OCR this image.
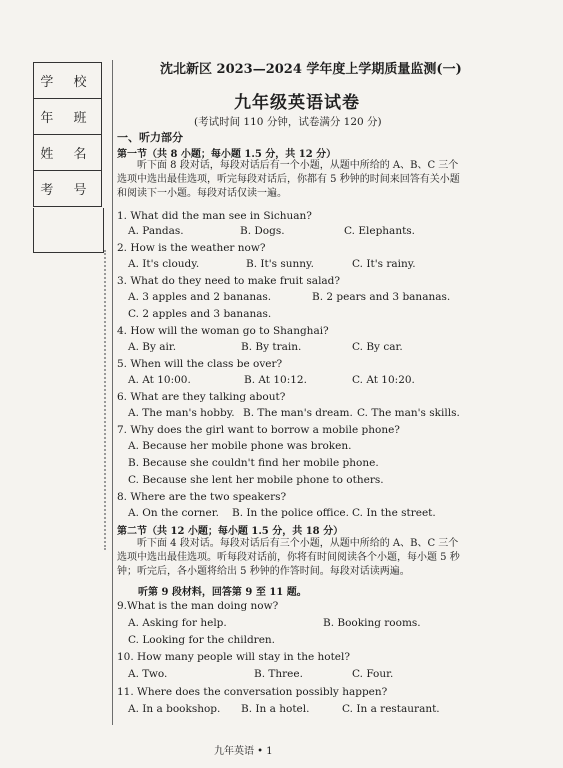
学 校
年 班
姓 名
考 号
沈北新区 2023—2024 学年度上学期质量监测(一)
九年级英语试卷
(考试时间 110 分钟，试卷满分 120 分)
一、听力部分
第一节（共 8 小题；每小题 1.5 分，共 12 分）
听下面 8 段对话，每段对话后有一个小题，从题中所给的 A、B、C 三个选项中选出最佳选项，听完每段对话后，你都有 5 秒钟的时间来回答有关小题和阅读下一小题。每段对话仅读一遍。
1. What did the man see in Sichuan?
A. Pandas.	B. Dogs.	C. Elephants.
2. How is the weather now?
A. It's cloudy.	B. It's sunny.	C. It's rainy.
3. What do they need to make fruit salad?
A. 3 apples and 2 bananas.	B. 2 pears and 3 bananas.
C. 2 apples and 3 bananas.
4. How will the woman go to Shanghai?
A. By air.	B. By train.	C. By car.
5. When will the class be over?
A. At 10:00.	B. At 10:12.	C. At 10:20.
6. What are they talking about?
A. The man's hobby. B. The man's dream. C. The man's skills.
7. Why does the girl want to borrow a mobile phone?
A. Because her mobile phone was broken.
B. Because she couldn't find her mobile phone.
C. Because she lent her mobile phone to others.
8. Where are the two speakers?
A. On the corner. B. In the police office. C. In the street.
第二节（共 12 小题；每小题 1.5 分，共 18 分）
听下面 4 段对话。每段对话后有三个小题，从题中所给的 A、B、C 三个选项中选出最佳选项。听每段对话前，你将有时间阅读各个小题，每小题 5 秒钟；听完后，各小题将给出 5 秒钟的作答时间。每段对话读两遍。
听第 9 段材料，回答第 9 至 11 题。
9.What is the man doing now?
A. Asking for help.	B. Booking rooms.
C. Looking for the children.
10. How many people will stay in the hotel?
A. Two.	B. Three.	C. Four.
11. Where does the conversation possibly happen?
A. In a bookshop. B. In a hotel.	C. In a restaurant.
九年英语 • 1
